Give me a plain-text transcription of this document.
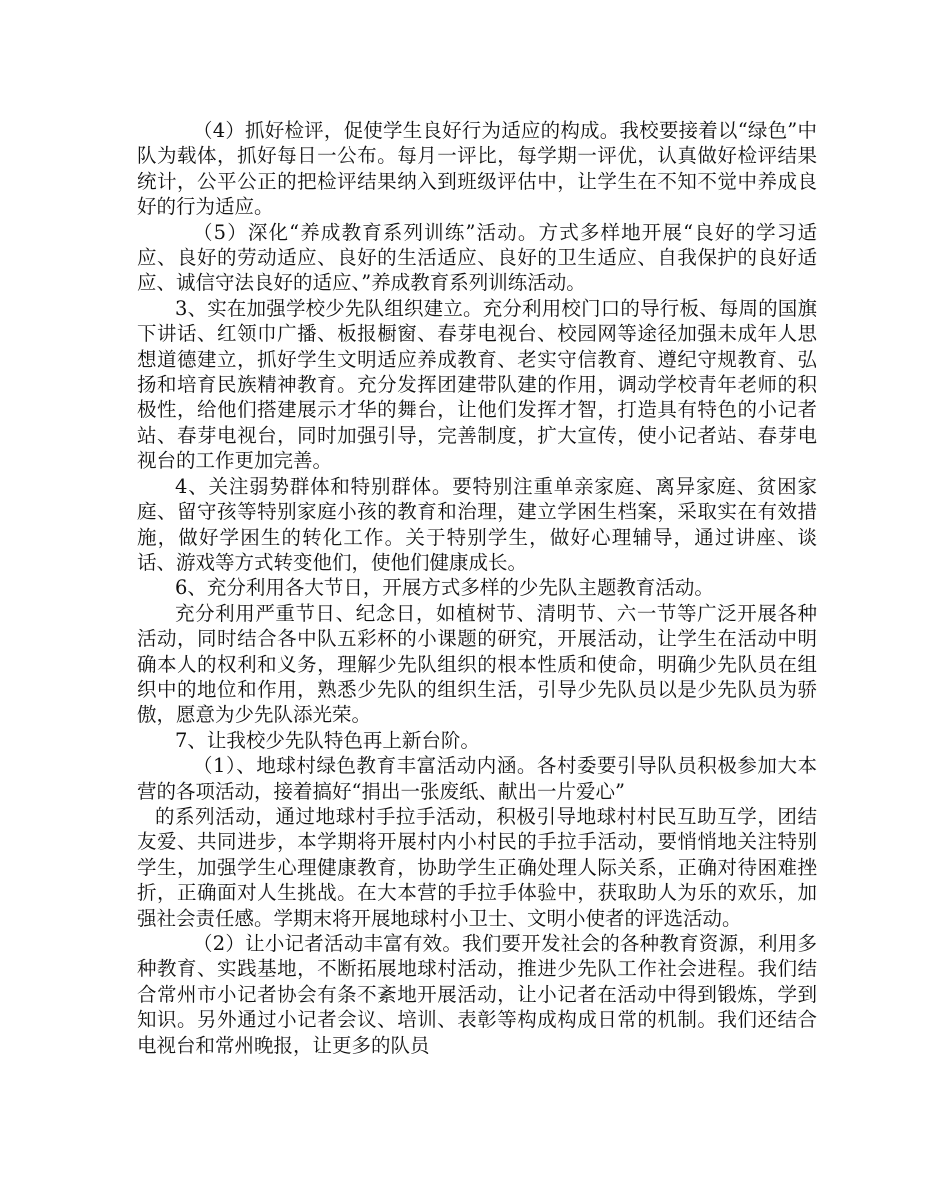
（4）抓好检评，促使学生良好行为适应的构成。我校要接着以“绿色”中队为载体，抓好每日一公布。每月一评比，每学期一评优，认真做好检评结果统计，公平公正的把检评结果纳入到班级评估中，让学生在不知不觉中养成良好的行为适应。

（5）深化“养成教育系列训练”活动。方式多样地开展“良好的学习适应、良好的劳动适应、良好的生活适应、良好的卫生适应、自我保护的良好适应、诚信守法良好的适应、”养成教育系列训练活动。

3、实在加强学校少先队组织建立。充分利用校门口的导行板、每周的国旗下讲话、红领巾广播、板报橱窗、春芽电视台、校园网等途径加强未成年人思想道德建立，抓好学生文明适应养成教育、老实守信教育、遵纪守规教育、弘扬和培育民族精神教育。充分发挥团建带队建的作用，调动学校青年老师的积极性，给他们搭建展示才华的舞台，让他们发挥才智，打造具有特色的小记者站、春芽电视台，同时加强引导，完善制度，扩大宣传，使小记者站、春芽电视台的工作更加完善。

4、关注弱势群体和特别群体。要特别注重单亲家庭、离异家庭、贫困家庭、留守孩等特别家庭小孩的教育和治理，建立学困生档案，采取实在有效措施，做好学困生的转化工作。关于特别学生，做好心理辅导，通过讲座、谈话、游戏等方式转变他们，使他们健康成长。

6、充分利用各大节日，开展方式多样的少先队主题教育活动。

充分利用严重节日、纪念日，如植树节、清明节、六一节等广泛开展各种活动，同时结合各中队五彩杯的小课题的研究，开展活动，让学生在活动中明确本人的权利和义务，理解少先队组织的根本性质和使命，明确少先队员在组织中的地位和作用，熟悉少先队的组织生活，引导少先队员以是少先队员为骄傲，愿意为少先队添光荣。

7、让我校少先队特色再上新台阶。

（1）、地球村绿色教育丰富活动内涵。各村委要引导队员积极参加大本营的各项活动，接着搞好“捐出一张废纸、献出一片爱心”

的系列活动，通过地球村手拉手活动，积极引导地球村村民互助互学，团结友爱、共同进步，本学期将开展村内小村民的手拉手活动，要悄悄地关注特别学生，加强学生心理健康教育，协助学生正确处理人际关系，正确对待困难挫折，正确面对人生挑战。在大本营的手拉手体验中，获取助人为乐的欢乐，加强社会责任感。学期末将开展地球村小卫士、文明小使者的评选活动。

（2）让小记者活动丰富有效。我们要开发社会的各种教育资源，利用多种教育、实践基地，不断拓展地球村活动，推进少先队工作社会进程。我们结合常州市小记者协会有条不紊地开展活动，让小记者在活动中得到锻炼，学到知识。另外通过小记者会议、培训、表彰等构成构成日常的机制。我们还结合电视台和常州晚报，让更多的队员
